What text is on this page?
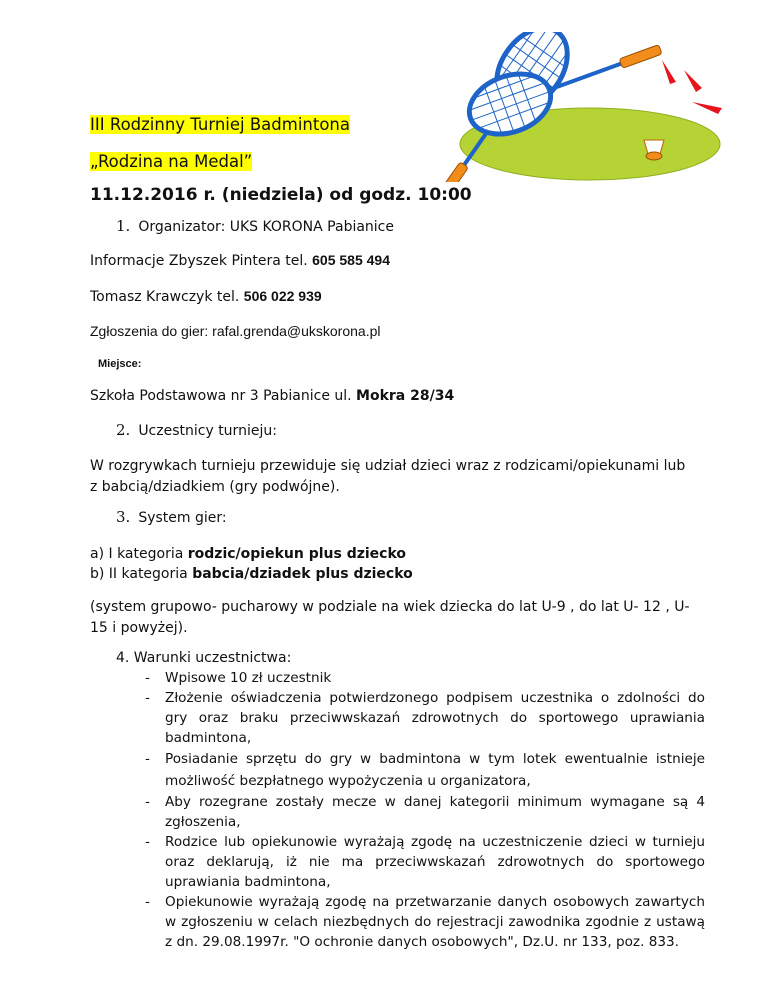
III Rodzinny Turniej Badmintona
„Rodzina na Medal”
11.12.2016 r. (niedziela) od godz. 10:00
1. Organizator: UKS KORONA Pabianice
Informacje Zbyszek Pintera tel. 605 585 494
Tomasz Krawczyk tel. 506 022 939
Zgłoszenia do gier: rafal.grenda@ukskorona.pl
Miejsce:
Szkoła Podstawowa nr 3 Pabianice ul. Mokra 28/34
2. Uczestnicy turnieju:
W rozgrywkach turnieju przewiduje się udział dzieci wraz z rodzicami/opiekunami lub z babcią/dziadkiem (gry podwójne).
3. System gier:
a) I kategoria rodzic/opiekun plus dziecko
b) II kategoria babcia/dziadek plus dziecko
(system grupowo- pucharowy w podziale na wiek dziecka do lat U-9 , do lat U- 12 , U-15 i powyżej).
4. Warunki uczestnictwa:
- Wpisowe 10 zł uczestnik
- Złożenie oświadczenia potwierdzonego podpisem uczestnika o zdolności do gry oraz braku przeciwwskazań zdrowotnych do sportowego uprawiania badmintona,
- Posiadanie sprzętu do gry w badmintona w tym lotek ewentualnie istnieje możliwość bezpłatnego wypożyczenia u organizatora,
- Aby rozegrane zostały mecze w danej kategorii minimum wymagane są 4 zgłoszenia,
- Rodzice lub opiekunowie wyrażają zgodę na uczestniczenie dzieci w turnieju oraz deklarują, iż nie ma przeciwwskazań zdrowotnych do sportowego uprawiania badmintona,
- Opiekunowie wyrażają zgodę na przetwarzanie danych osobowych zawartych w zgłoszeniu w celach niezbędnych do rejestracji zawodnika zgodnie z ustawą z dn. 29.08.1997r. "O ochronie danych osobowych", Dz.U. nr 133, poz. 833.
